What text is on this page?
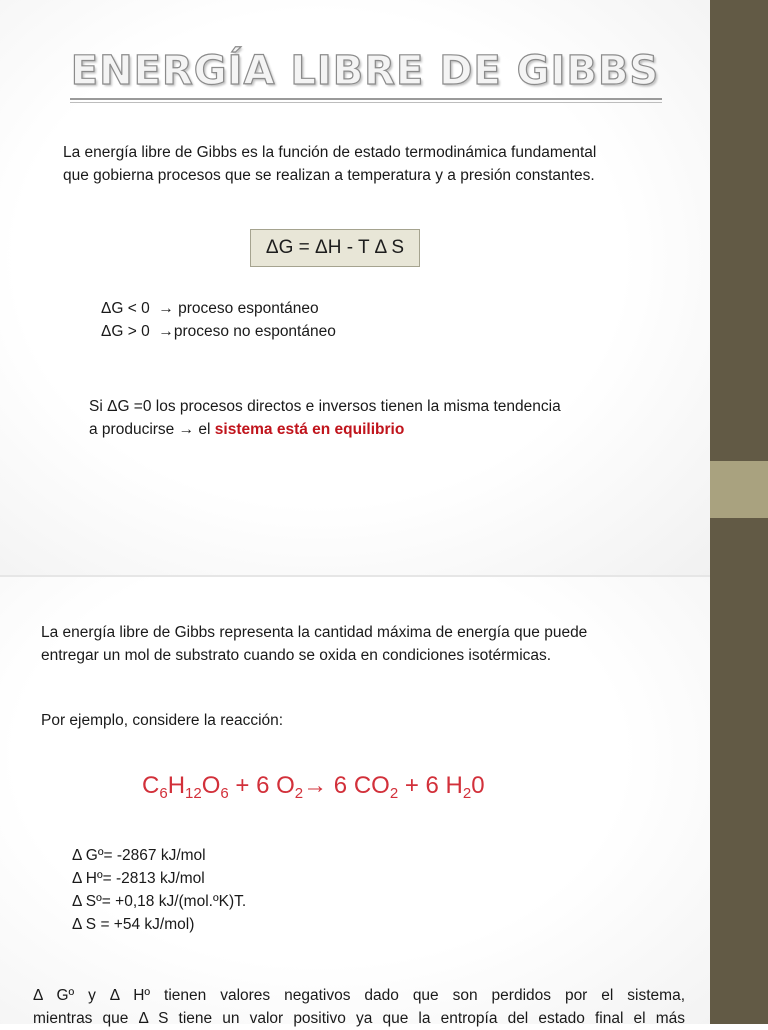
ENERGÍA LIBRE DE GIBBS

La energía libre de Gibbs es la función de estado termodinámica fundamental
que gobierna procesos que se realizan a temperatura y a presión constantes.

ΔG = ΔH - T Δ S

ΔG < 0 → proceso espontáneo

ΔG > 0 →proceso no espontáneo

Si ΔG =0 los procesos directos e inversos tienen la misma tendencia
a producirse → el sistema está en equilibrio

La energía libre de Gibbs representa la cantidad máxima de energía que puede
entregar un mol de substrato cuando se oxida en condiciones isotérmicas.

Por ejemplo, considere la reacción:

$C_6H_{12}O_6 + 6$ $O_2\to 6$ $CO_2 + 6$ $H_20$

Δ Gº= -2867 kJ/mol

Δ Hº= -2813 kJ/mol

Δ Sº= +0,18 kJ/(mol.ºK)T.

Δ S = +54 kJ/mol)

Δ Gº y Δ Hº tienen valores negativos dado que son perdidos por el sistema,
mientras que Δ S tiene un valor positivo ya que la entropía del estado final el más
